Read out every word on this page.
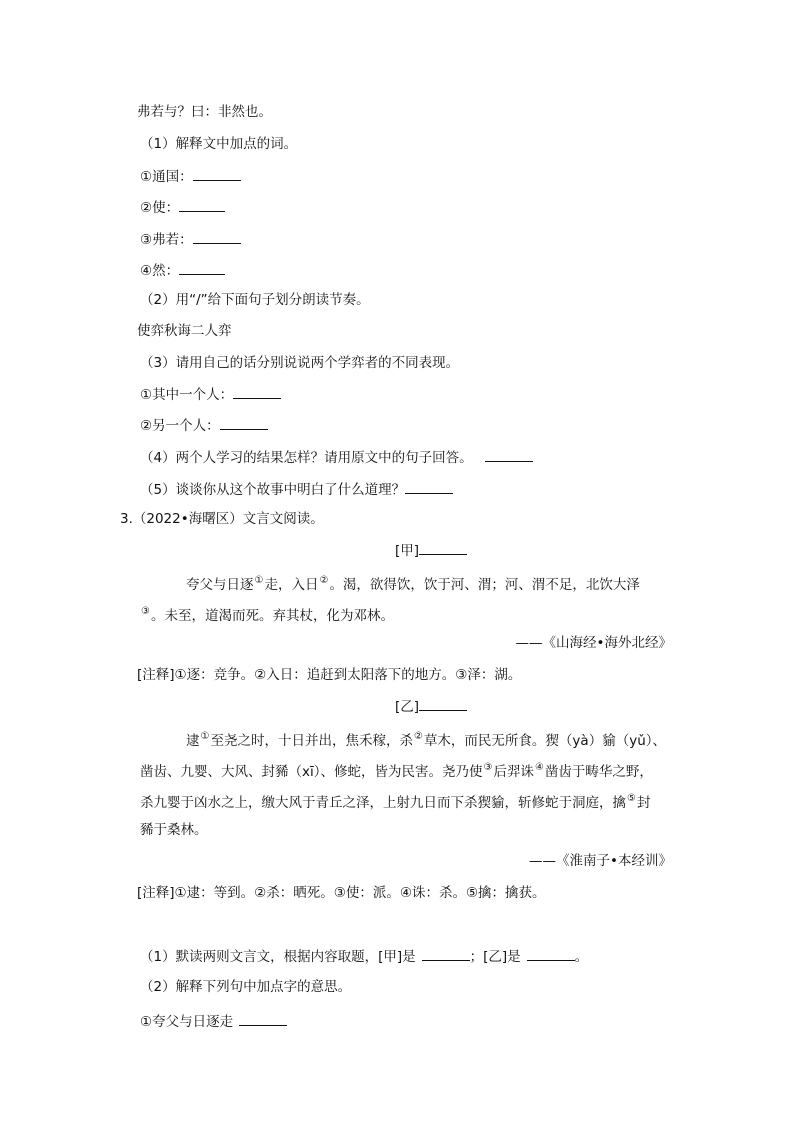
弗若与？曰：非然也。
（1）解释文中加点的词。
①通国：
②使：
③弗若：
④然：
（2）用“/”给下面句子划分朗读节奏。
使弈秋诲二人弈
（3）请用自己的话分别说说两个学弈者的不同表现。
①其中一个人：
②另一个人：
（4）两个人学习的结果怎样？请用原文中的句子回答。
（5）谈谈你从这个故事中明白了什么道理？
3.（2022•海曙区）文言文阅读。
[甲]
夸父与日逐①走，入日②。渴，欲得饮，饮于河、渭；河、渭不足，北饮大泽
③。未至，道渴而死。弃其杖，化为邓林。
——《山海经•海外北经》
[注释]①逐：竞争。②入日：追赶到太阳落下的地方。③泽：湖。
[乙]
逮①至尧之时，十日并出，焦禾稼，杀②草木，而民无所食。猰（yà）貐（yǔ）、
凿齿、九婴、大风、封豨（xī）、修蛇，皆为民害。尧乃使③后羿诛④凿齿于畴华之野，
杀九婴于凶水之上，缴大风于青丘之泽，上射九日而下杀猰貐，斩修蛇于洞庭，擒⑤封
豨于桑林。
——《淮南子•本经训》
[注释]①逮：等到。②杀：晒死。③使：派。④诛：杀。⑤擒：擒获。
（1）默读两则文言文，根据内容取题，[甲]是	；[乙]是	。
（2）解释下列句中加点字的意思。
①夸父与日逐走
